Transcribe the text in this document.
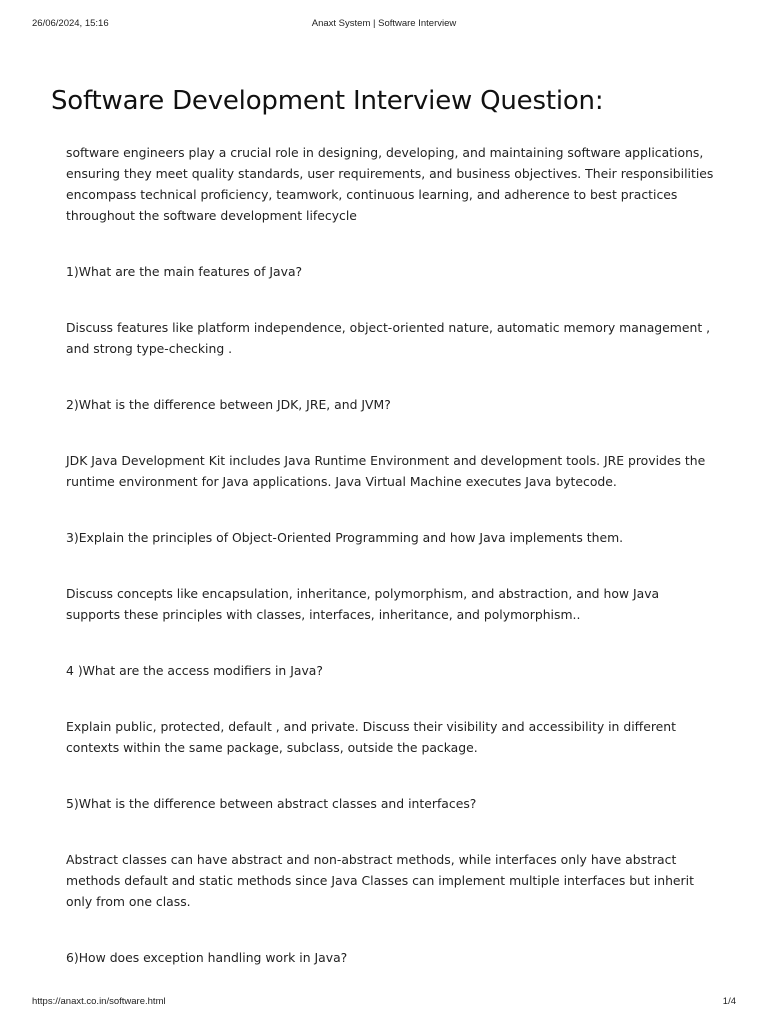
Anaxt System | Software Interview
26/06/2024, 15:16
Software Development Interview Question:

software engineers play a crucial role in designing, developing, and maintaining software applications, ensuring they meet quality standards, user requirements, and business objectives. Their responsibilities encompass technical proficiency, teamwork, continuous learning, and adherence to best practices throughout the software development lifecycle

1)What are the main features of Java?

Discuss features like platform independence, object-oriented nature, automatic memory management , and strong type-checking .

2)What is the difference between JDK, JRE, and JVM?

JDK Java Development Kit includes Java Runtime Environment and development tools. JRE provides the runtime environment for Java applications. Java Virtual Machine executes Java bytecode.

3)Explain the principles of Object-Oriented Programming and how Java implements them.

Discuss concepts like encapsulation, inheritance, polymorphism, and abstraction, and how Java supports these principles with classes, interfaces, inheritance, and polymorphism..

4 )What are the access modifiers in Java?

Explain public, protected, default , and private. Discuss their visibility and accessibility in different contexts within the same package, subclass, outside the package.

5)What is the difference between abstract classes and interfaces?

Abstract classes can have abstract and non-abstract methods, while interfaces only have abstract methods default and static methods since Java Classes can implement multiple interfaces but inherit only from one class.

6)How does exception handling work in Java?

https://anaxt.co.in/software.html	1/4
